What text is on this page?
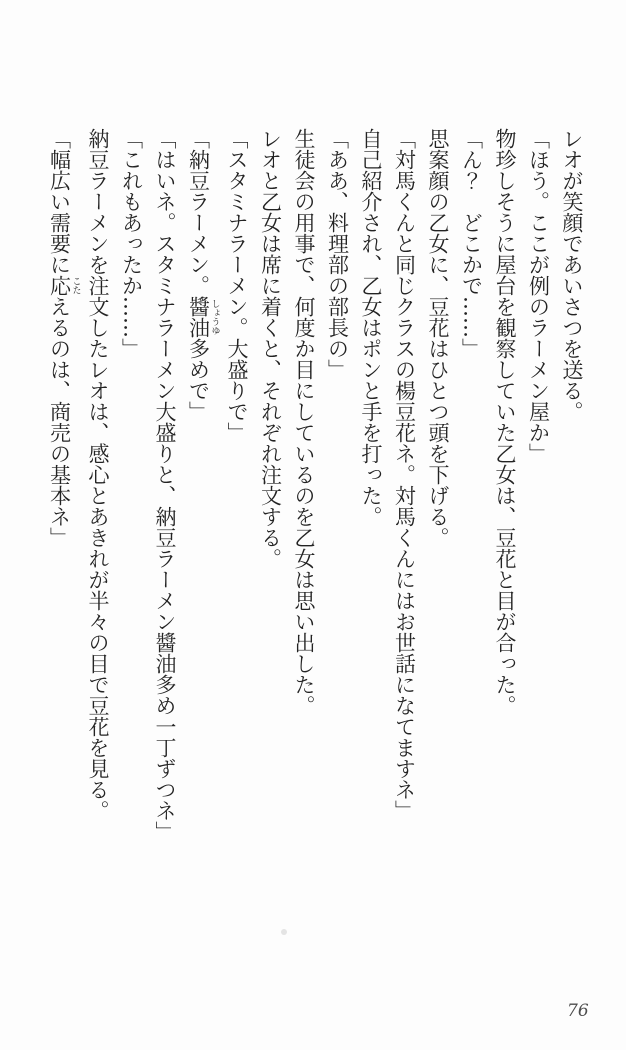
レオが笑顔であいさつを送る。
「ほう。ここが例のラーメン屋か」
物珍しそうに屋台を観察していた乙女は、豆花と目が合った。
「ん？　どこかで……」
思案顔の乙女に、豆花はひとつ頭を下げる。
「対馬くんと同じクラスの楊豆花ネ。対馬くんにはお世話になてますネ」
自己紹介され、乙女はポンと手を打った。
「ああ、料理部の部長の」
生徒会の用事で、何度か目にしているのを乙女は思い出した。
レオと乙女は席に着くと、それぞれ注文する。
「スタミナラーメン。大盛りで」
「納豆ラーメン。醬油 しょうゆ多めで」
「はいネ。スタミナラーメン大盛りと、納豆ラーメン醬油多め一丁ずつネ」
「これもあったか……」
納豆ラーメンを注文したレオは、感心とあきれが半々の目で豆花を見る。
「幅広い需要に応 こたえるのは、商売の基本ネ」
76
